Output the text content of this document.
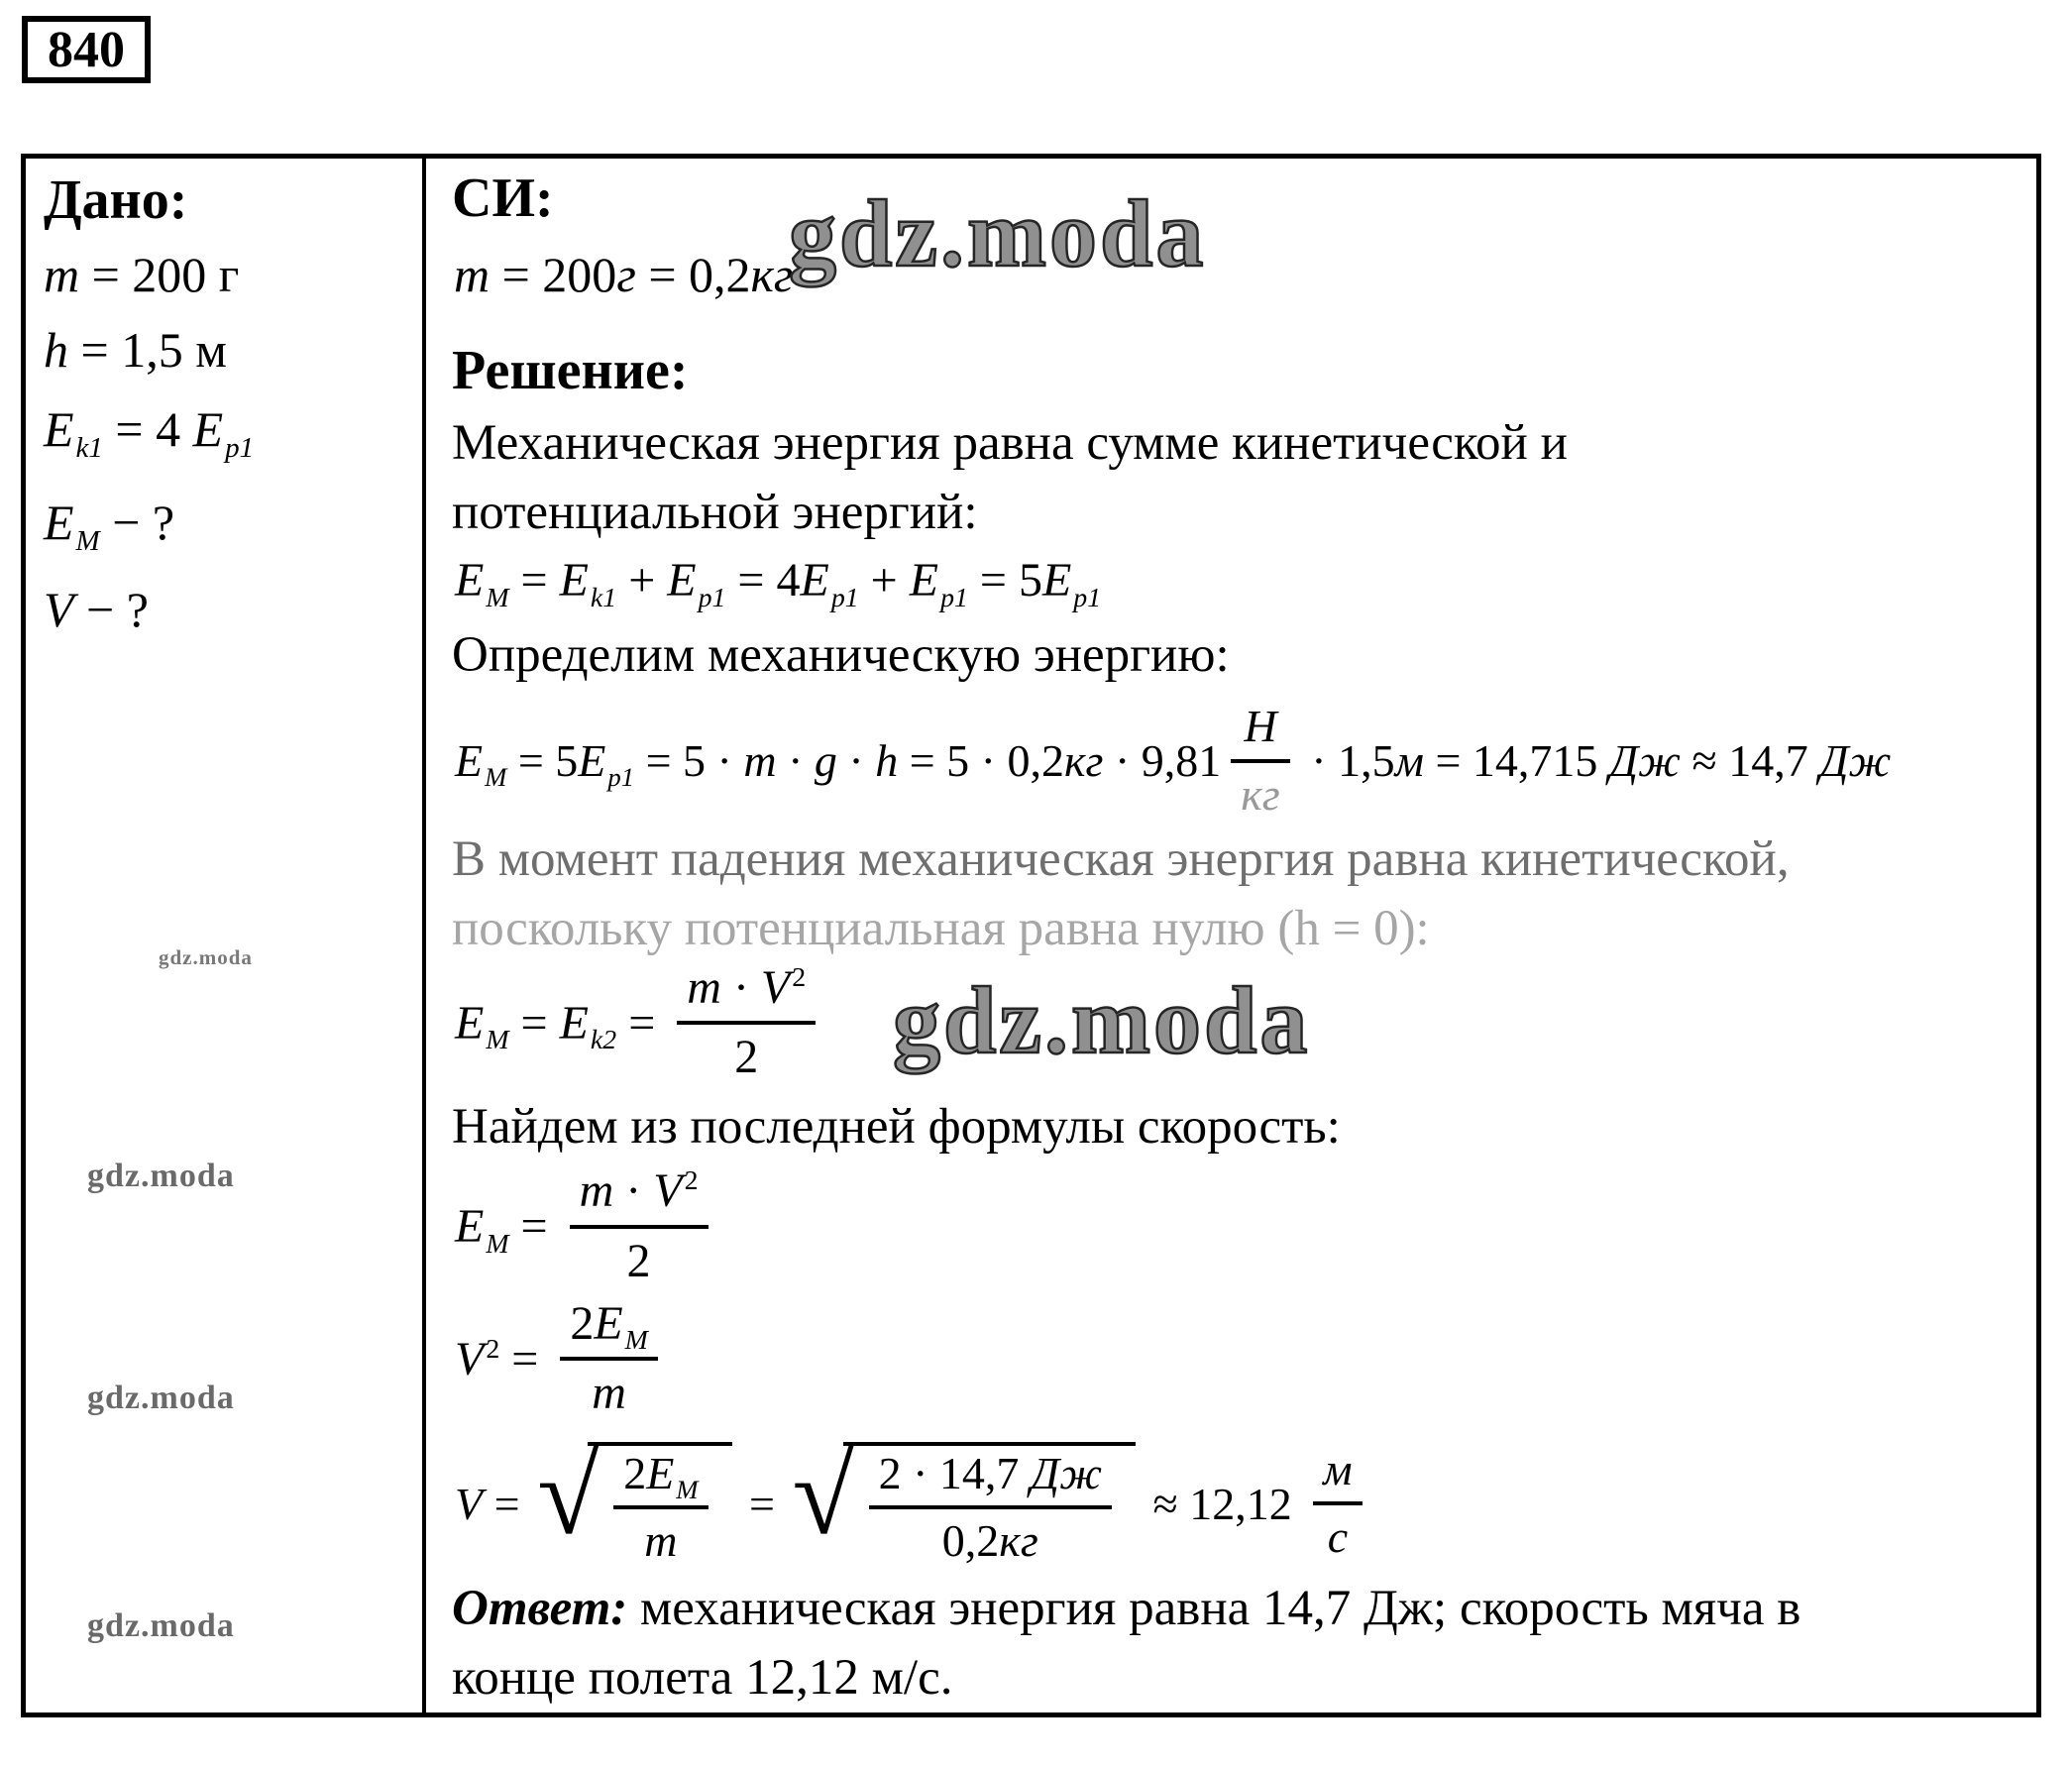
840
Дано:
m = 200 г
h = 1,5 м
$E_{k1} = 4$ $E_{p1}$
$E_M$ − ?
V − ?
gdz.moda
gdz.moda
gdz.moda
gdz.moda
СИ:
m = 200 г = 0,2 кг
gdz.moda
Решение:
Механическая энергия равна сумме кинетической и
потенциальной энергий:
$E_M = E_{k1} + E_{p1} = 4$ $E_{p1} + E_{p1} = 5$ $E_{p1}$
Определим механическую энергию:
$E_M = 5$ $E_{p1} = 5 \cdot m \cdot g \cdot h = 5 \cdot 0,2$ кг · $9,81 \frac{Н}{кг} \cdot 1,5$ м = 14,715 Дж ≈ 14,7 Дж
В момент падения механическая энергия равна кинетической,
поскольку потенциальная равна нулю (h = 0):
$E_M = E_{k2} = \frac{m \cdot V^2}{2}$ gdz.moda
Найдем из последней формулы скорость:
$E_M = \frac{m \cdot V^2}{2}$
$V^2 = \frac{2E_M}{m}$
V = √ $\frac{2E_M}{m}$ = √ $\frac{2 \cdot 14,7 Дж}{0,2кг} \approx 12,12 \frac{м}{с}$
Ответ: механическая энергия равна 14,7 Дж; скорость мяча в
конце полета 12,12 м/с.
